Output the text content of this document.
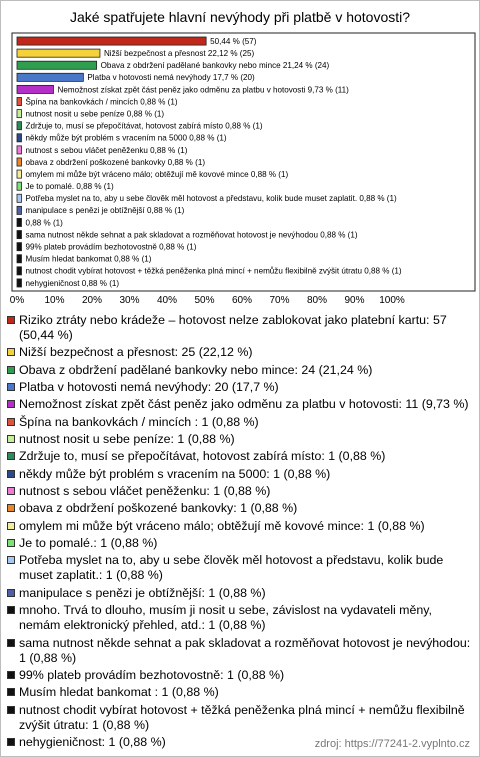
Jaké spatřujete hlavní nevýhody při platbě v hotovosti?
50,44 % (57)
Nižší bezpečnost a přesnost 22,12 % (25)
Obava z obdržení padělané bankovky nebo mince 21,24 % (24)
Platba v hotovosti nemá nevýhody 17,7 % (20)
Nemožnost získat zpět část peněz jako odměnu za platbu v hotovosti 9,73 % (11)
Špína na bankovkách / mincích 0,88 % (1)
nutnost nosit u sebe peníze 0,88 % (1)
Zdržuje to, musí se přepočítávat, hotovost zabírá místo 0,88 % (1)
někdy může být problém s vracením na 5000 0,88 % (1)
nutnost s sebou vláčet peněženku 0,88 % (1)
obava z obdržení poškozené bankovky 0,88 % (1)
omylem mi může být vráceno málo; obtěžují mě kovové mince 0,88 % (1)
Je to pomalé. 0,88 % (1)
Potřeba myslet na to, aby u sebe člověk měl hotovost a představu, kolik bude muset zaplatit. 0,88 % (1)
manipulace s penězi je obtížnější 0,88 % (1)
0,88 % (1)
sama nutnost někde sehnat a pak skladovat a rozměňovat hotovost je nevýhodou 0,88 % (1)
99% plateb provádím bezhotovostně 0,88 % (1)
Musím hledat bankomat 0,88 % (1)
nutnost chodit vybírat hotovost + těžká peněženka plná mincí + nemůžu flexibilně zvýšit útratu 0,88 % (1)
nehygieničnost 0,88 % (1)
0% 10% 20% 30% 40% 50% 60% 70% 80% 90% 100%
Riziko ztráty nebo krádeže – hotovost nelze zablokovat jako platební kartu: 57 (50,44 %)
Nižší bezpečnost a přesnost: 25 (22,12 %)
Obava z obdržení padělané bankovky nebo mince: 24 (21,24 %)
Platba v hotovosti nemá nevýhody: 20 (17,7 %)
Nemožnost získat zpět část peněz jako odměnu za platbu v hotovosti: 11 (9,73 %)
Špína na bankovkách / mincích : 1 (0,88 %)
nutnost nosit u sebe peníze: 1 (0,88 %)
Zdržuje to, musí se přepočítávat, hotovost zabírá místo: 1 (0,88 %)
někdy může být problém s vracením na 5000: 1 (0,88 %)
nutnost s sebou vláčet peněženku: 1 (0,88 %)
obava z obdržení poškozené bankovky: 1 (0,88 %)
omylem mi může být vráceno málo; obtěžují mě kovové mince: 1 (0,88 %)
Je to pomalé.: 1 (0,88 %)
Potřeba myslet na to, aby u sebe člověk měl hotovost a představu, kolik bude muset zaplatit.: 1 (0,88 %)
manipulace s penězi je obtížnější: 1 (0,88 %)
mnoho. Trvá to dlouho, musím ji nosit u sebe, závislost na vydavateli měny, nemám elektronický přehled, atd.: 1 (0,88 %)
sama nutnost někde sehnat a pak skladovat a rozměňovat hotovost je nevýhodou: 1 (0,88 %)
99% plateb provádím bezhotovostně: 1 (0,88 %)
Musím hledat bankomat : 1 (0,88 %)
nutnost chodit vybírat hotovost + těžká peněženka plná mincí + nemůžu flexibilně zvýšit útratu: 1 (0,88 %)
nehygieničnost: 1 (0,88 %)	zdroj: https://77241-2.vyplnto.cz
